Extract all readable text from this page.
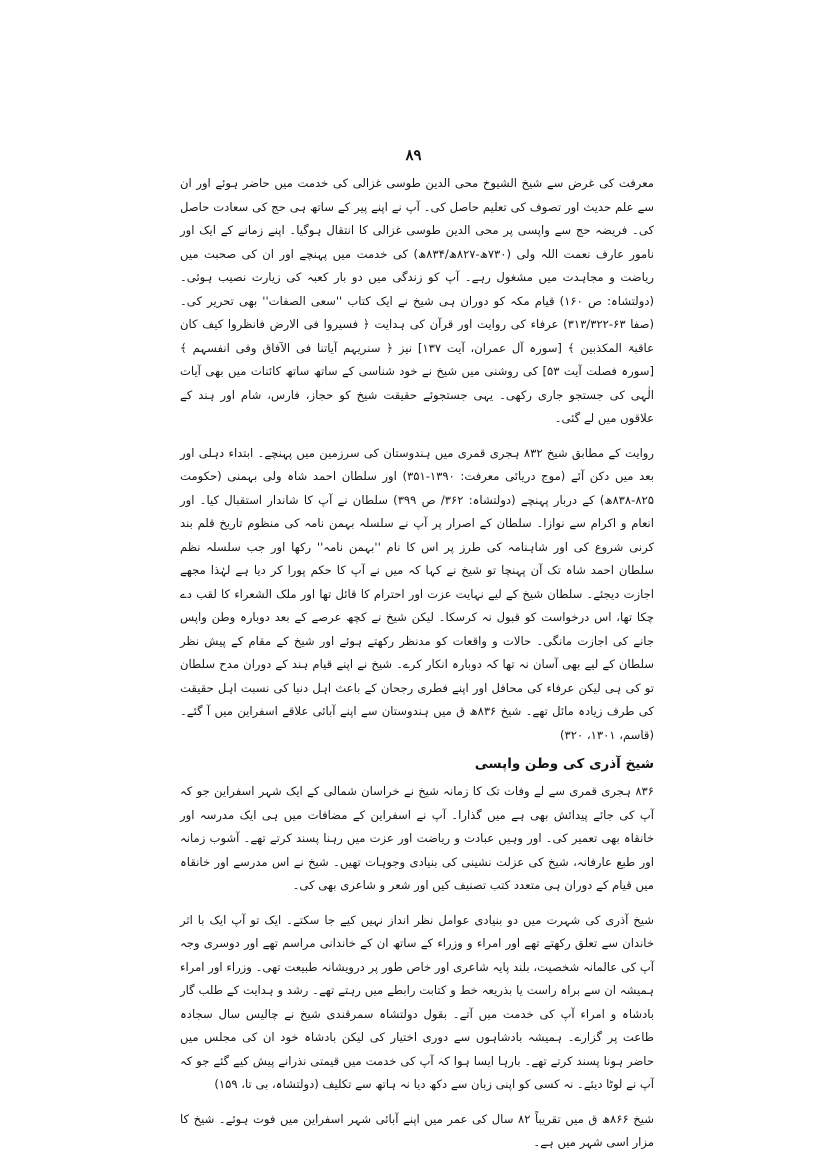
۸۹

معرفت کی غرض سے شیخ الشیوخ محی الدین طوسی غزالی کی خدمت میں حاضر ہوئے اور ان سے علم حدیث اور تصوف کی تعلیم حاصل کی۔ آپ نے اپنے پیر کے ساتھ ہی حج کی سعادت حاصل کی۔ فریضہ حج سے واپسی پر محی الدین طوسی غزالی کا انتقال ہوگیا۔ اپنے زمانے کے ایک اور نامور عارف نعمت اللہ ولی (۷۳۰ھ-۸۲۷ھ/۸۳۴ھ) کی خدمت میں پہنچے اور ان کی صحبت میں ریاضت و مجاہدت میں مشغول رہے۔ آپ کو زندگی میں دو بار کعبہ کی زیارت نصیب ہوئی۔ (دولتشاہ: ص ۱۶۰) قیام مکہ کو دوران ہی شیخ نے ایک کتاب ''سعی الصفات'' بھی تحریر کی۔ (صفا ۶۳-۳۱۳/۳۲۲) عرفاء کی روایت اور قرآن کی ہدایت ﴿ فسیروا فی الارض فانظروا کیف کان عاقبۃ المکذبین ﴾ [سورہ آل عمران، آیت ۱۳۷] نیز ﴿ سنریہم آیاتنا فی الآفاق وفی انفسہم ﴾ [سورہ فصلت آیت ۵۳] کی روشنی میں شیخ نے خود شناسی کے ساتھ ساتھ کائنات میں بھی آیات الٰہی کی جستجو جاری رکھی۔ یہی جستجوئے حقیقت شیخ کو حجاز، فارس، شام اور ہند کے علاقوں میں لے گئی۔

روایت کے مطابق شیخ ۸۳۲ ہجری قمری میں ہندوستان کی سرزمین میں پہنچے۔ ابتداء دہلی اور بعد میں دکن آئے (موج دریائی معرفت: ۱۳۹۰-۳۵۱) اور سلطان احمد شاہ ولی بہمنی (حکومت ۸۲۵-۸۳۸ھ) کے دربار پہنچے (دولتشاہ: ۳۶۲/ ص ۳۹۹) سلطان نے آپ کا شاندار استقبال کیا۔ اور انعام و اکرام سے نوازا۔ سلطان کے اصرار پر آپ نے سلسلہ بہمن نامہ کی منظوم تاریخ قلم بند کرنی شروع کی اور شاہنامہ کی طرز پر اس کا نام ''بہمن نامہ'' رکھا اور جب سلسلہ نظم سلطان احمد شاہ تک آن پہنچا تو شیخ نے کہا کہ میں نے آپ کا حکم پورا کر دیا ہے لہٰذا مجھے اجازت دیجئے۔ سلطان شیخ کے لیے نہایت عزت اور احترام کا قائل تھا اور ملک الشعراء کا لقب دے چکا تھا، اس درخواست کو قبول نہ کرسکا۔ لیکن شیخ نے کچھ عرصے کے بعد دوبارہ وطن واپس جانے کی اجازت مانگی۔ حالات و واقعات کو مدنظر رکھتے ہوئے اور شیخ کے مقام کے پیش نظر سلطان کے لیے بھی آسان نہ تھا کہ دوبارہ انکار کرے۔ شیخ نے اپنے قیام ہند کے دوران مدح سلطان تو کی ہی لیکن عرفاء کی محافل اور اپنے فطری رجحان کے باعث اہل دنیا کی نسبت اہل حقیقت کی طرف زیادہ مائل تھے۔ شیخ ۸۳۶ھ ق میں ہندوستان سے اپنے آبائی علاقے اسفراین میں آ گئے۔ (قاسم، ۱۳۰۱، ۳۲۰)

شیخ آذری کی وطن واپسی

۸۳۶ ہجری قمری سے لے وفات تک کا زمانہ شیخ نے خراسان شمالی کے ایک شہر اسفراین جو کہ آپ کی جائے پیدائش بھی ہے میں گذارا۔ آپ نے اسفراین کے مضافات میں ہی ایک مدرسہ اور خانقاہ بھی تعمیر کی۔ اور وہیں عبادت و ریاضت اور عزت میں رہنا پسند کرتے تھے۔ آشوب زمانہ اور طبع عارفانہ، شیخ کی عزلت نشینی کی بنیادی وجوہات تھیں۔ شیخ نے اس مدرسے اور خانقاہ میں قیام کے دوران ہی متعدد کتب تصنیف کیں اور شعر و شاعری بھی کی۔

شیخ آذری کی شہرت میں دو بنیادی عوامل نظر انداز نہیں کیے جا سکتے۔ ایک تو آپ ایک با اثر خاندان سے تعلق رکھتے تھے اور امراء و وزراء کے ساتھ ان کے خاندانی مراسم تھے اور دوسری وجہ آپ کی عالمانہ شخصیت، بلند پایہ شاعری اور خاص طور پر درویشانہ طبیعت تھی۔ وزراء اور امراء ہمیشہ ان سے براہ راست یا بذریعہ خط و کتابت رابطے میں رہتے تھے۔ رشد و ہدایت کے طلب گار بادشاہ و امراء آپ کی خدمت میں آتے۔ بقول دولتشاہ سمرقندی شیخ نے چالیس سال سجادہ طاعت پر گزارے۔ ہمیشہ بادشاہوں سے دوری اختیار کی لیکن بادشاہ خود ان کی مجلس میں حاضر ہونا پسند کرتے تھے۔ بارہا ایسا ہوا کہ آپ کی خدمت میں قیمتی نذرانے پیش کیے گئے جو کہ آپ نے لوٹا دیئے۔ نہ کسی کو اپنی زبان سے دکھ دیا نہ ہاتھ سے تکلیف (دولتشاہ، بی تا، ۱۵۹)

شیخ ۸۶۶ھ ق میں تقریباً ۸۲ سال کی عمر میں اپنے آبائی شہر اسفراین میں فوت ہوئے۔ شیخ کا مزار اسی شہر میں ہے۔
